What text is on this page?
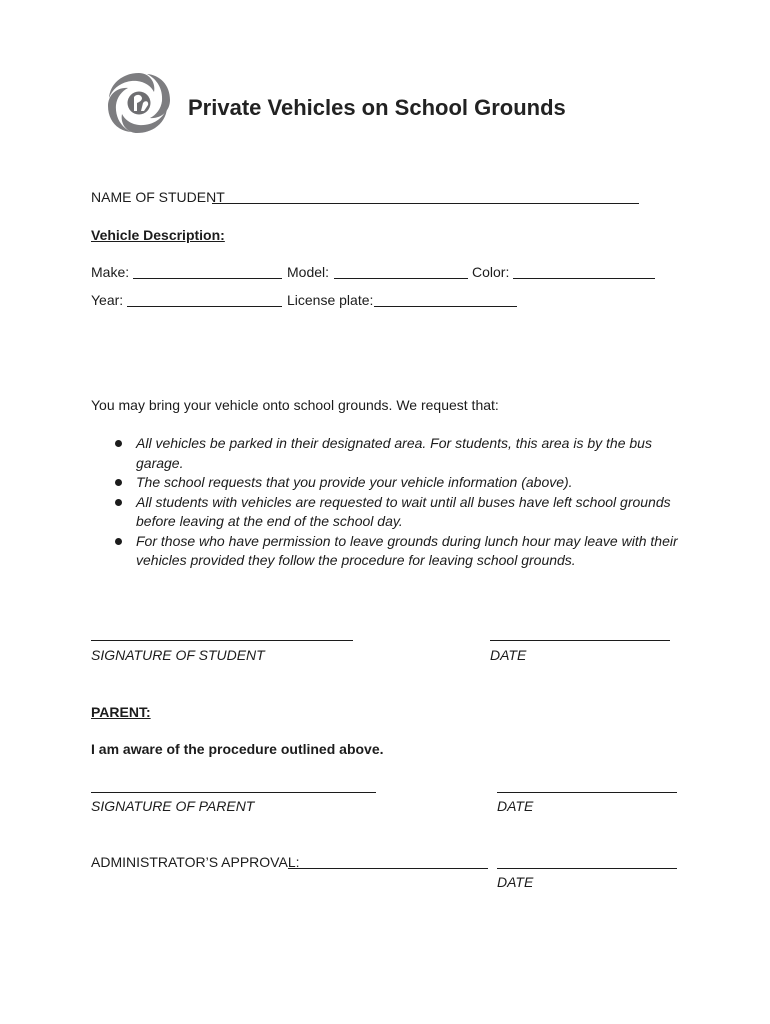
Private Vehicles on School Grounds
NAME OF STUDENT
Vehicle Description:
Make:	Model:	Color:
Year:	License plate:
You may bring your vehicle onto school grounds. We request that:
All vehicles be parked in their designated area. For students, this area is by the bus
garage.
The school requests that you provide your vehicle information (above).
All students with vehicles are requested to wait until all buses have left school grounds
before leaving at the end of the school day.
For those who have permission to leave grounds during lunch hour may leave with their
vehicles provided they follow the procedure for leaving school grounds.
SIGNATURE OF STUDENT	DATE
PARENT:
I am aware of the procedure outlined above.
SIGNATURE OF PARENT	DATE
ADMINISTRATOR’S APPROVAL:
DATE
